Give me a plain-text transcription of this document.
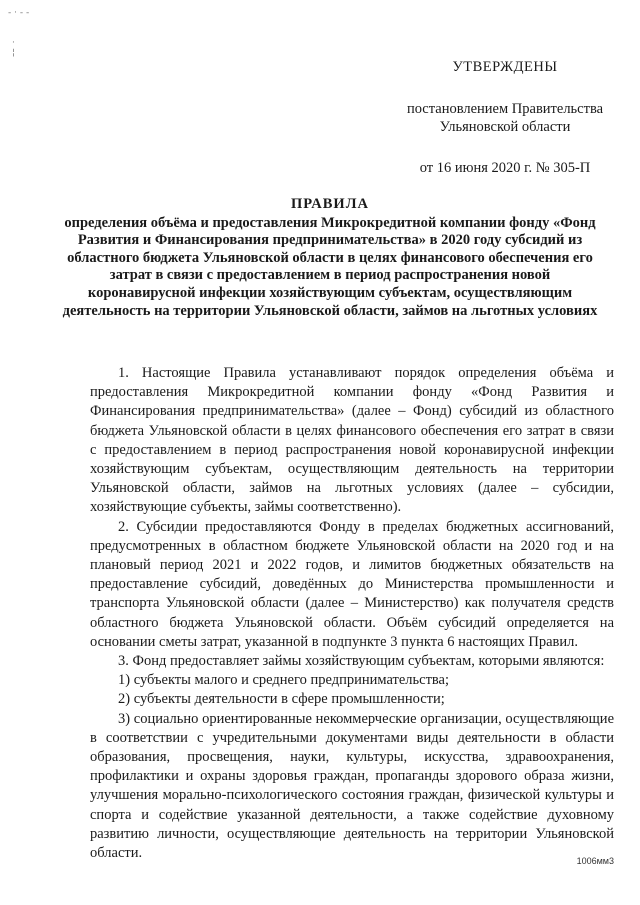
- · ‐ ‐
·
¦
УТВЕРЖДЕНЫ
постановлением Правительства
Ульяновской области
от 16 июня 2020 г. № 305-П
ПРАВИЛА
определения объёма и предоставления Микрокредитной компании фонду «Фонд Развития и Финансирования предпринимательства» в 2020 году субсидий из областного бюджета Ульяновской области в целях финансового обеспечения его затрат в связи с предоставлением в период распространения новой коронавирусной инфекции хозяйствующим субъектам, осуществляющим деятельность на территории Ульяновской области, займов на льготных условиях

1. Настоящие Правила устанавливают порядок определения объёма и предоставления Микрокредитной компании фонду «Фонд Развития и Финансирования предпринимательства» (далее – Фонд) субсидий из областного бюджета Ульяновской области в целях финансового обеспечения его затрат в связи с предоставлением в период распространения новой коронавирусной инфекции хозяйствующим субъектам, осуществляющим деятельность на территории Ульяновской области, займов на льготных условиях (далее – субсидии, хозяйствующие субъекты, займы соответственно).

2. Субсидии предоставляются Фонду в пределах бюджетных ассигнований, предусмотренных в областном бюджете Ульяновской области на 2020 год и на плановый период 2021 и 2022 годов, и лимитов бюджетных обязательств на предоставление субсидий, доведённых до Министерства промышленности и транспорта Ульяновской области (далее – Министерство) как получателя средств областного бюджета Ульяновской области. Объём субсидий определяется на основании сметы затрат, указанной в подпункте 3 пункта 6 настоящих Правил.

3. Фонд предоставляет займы хозяйствующим субъектам, которыми являются:

1) субъекты малого и среднего предпринимательства;

2) субъекты деятельности в сфере промышленности;

3) социально ориентированные некоммерческие организации, осуществляющие в соответствии с учредительными документами виды деятельности в области образования, просвещения, науки, культуры, искусства, здравоохранения, профилактики и охраны здоровья граждан, пропаганды здорового образа жизни, улучшения морально-психологического состояния граждан, физической культуры и спорта и содействие указанной деятельности, а также содействие духовному развитию личности, осуществляющие деятельность на территории Ульяновской области.	1006мм3
